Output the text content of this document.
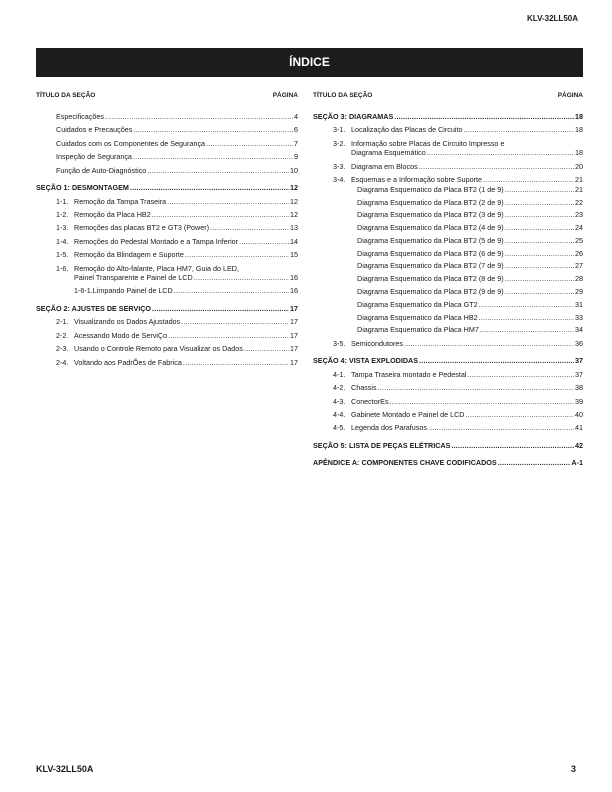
KLV-32LL50A
ÍNDICE
TÍTULO DA SEÇÃO	PÁGINA
Especificações .....	4
Cuidados e Precauções .....	6
Cuidados com os Componentes de Segurança .....	7
Inspeção de Segurança .....	9
Função de Auto-Diagnóstico .....	10
SEÇÃO 1: DESMONTAGEM .....	12
1-1. Remoção da Tampa Traseira .....	12
1-2. Remoção da Placa HB2 .....	12
1-3. Remoções das placas BT2 e GT3 (Power) .....	13
1-4. Remoções do Pedestal Montado e a Tampa Inferior .....	14
1-5. Remoção da Blindagem e Suporte .....	15
1-6. Remoção do Alto-falante, Placa HM7, Guia do LED,
Painel Transparente e Painel de LCD .....	16
1-6-1. Limpando Painel de LCD .....	16
SEÇÃO 2: AJUSTES DE SERVIÇO .....	17
2-1. Visualizando os Dados Ajustados .....	17
2-2. Acessando Modo de ServiÇo .....	17
2-3. Usando o Controle Remoto para Visualizar os Dados .....	17
2-4. Voltando aos PadrÕes de Fabrica .....	17
TÍTULO DA SEÇÃO	PÁGINA
SEÇÃO 3: DIAGRAMAS .....	18
3-1. Localização das Placas de Circuito .....	18
3-2. Informação sobre Placas de Circuito Impresso e
Diagrama Esquemático .....	18
3-3. Diagrama em Blocos .....	20
3-4. Esquemas e a Informação sobre Suporte .....	21
Diagrama Esquematico da Placa BT2 (1 de 9) .....	21
Diagrama Esquematico da Placa BT2 (2 de 9) .....	22
Diagrama Esquematico da Placa BT2 (3 de 9) .....	23
Diagrama Esquematico da Placa BT2 (4 de 9) .....	24
Diagrama Esquematico da Placa BT2 (5 de 9) .....	25
Diagrama Esquematico da Placa BT2 (6 de 9) .....	26
Diagrama Esquematico da Placa BT2 (7 de 9) .....	27
Diagrama Esquematico da Placa BT2 (8 de 9) .....	28
Diagrama Esquematico da Placa BT2 (9 de 9) .....	29
Diagrama Esquematico da Placa GT2 .....	31
Diagrama Esquematico da Placa HB2 .....	33
Diagrama Esquematico da Placa HM7 .....	34
3-5. Semicondutores .....	36
SEÇÃO 4: VISTA EXPLODIDAS .....	37
4-1. Tampa Traseira montado e Pedestal .....	37
4-2. Chassis .....	38
4-3. ConectorEs .....	39
4-4. Gabinete Montado e Painel de LCD .....	40
4-5. Legenda dos Parafusos .....	41
SEÇÃO 5: LISTA DE PEÇAS ELÉTRICAS .....	42
APÊNDICE A: COMPONENTES CHAVE CODIFICADOS .....	A-1
KLV-32LL50A	3
